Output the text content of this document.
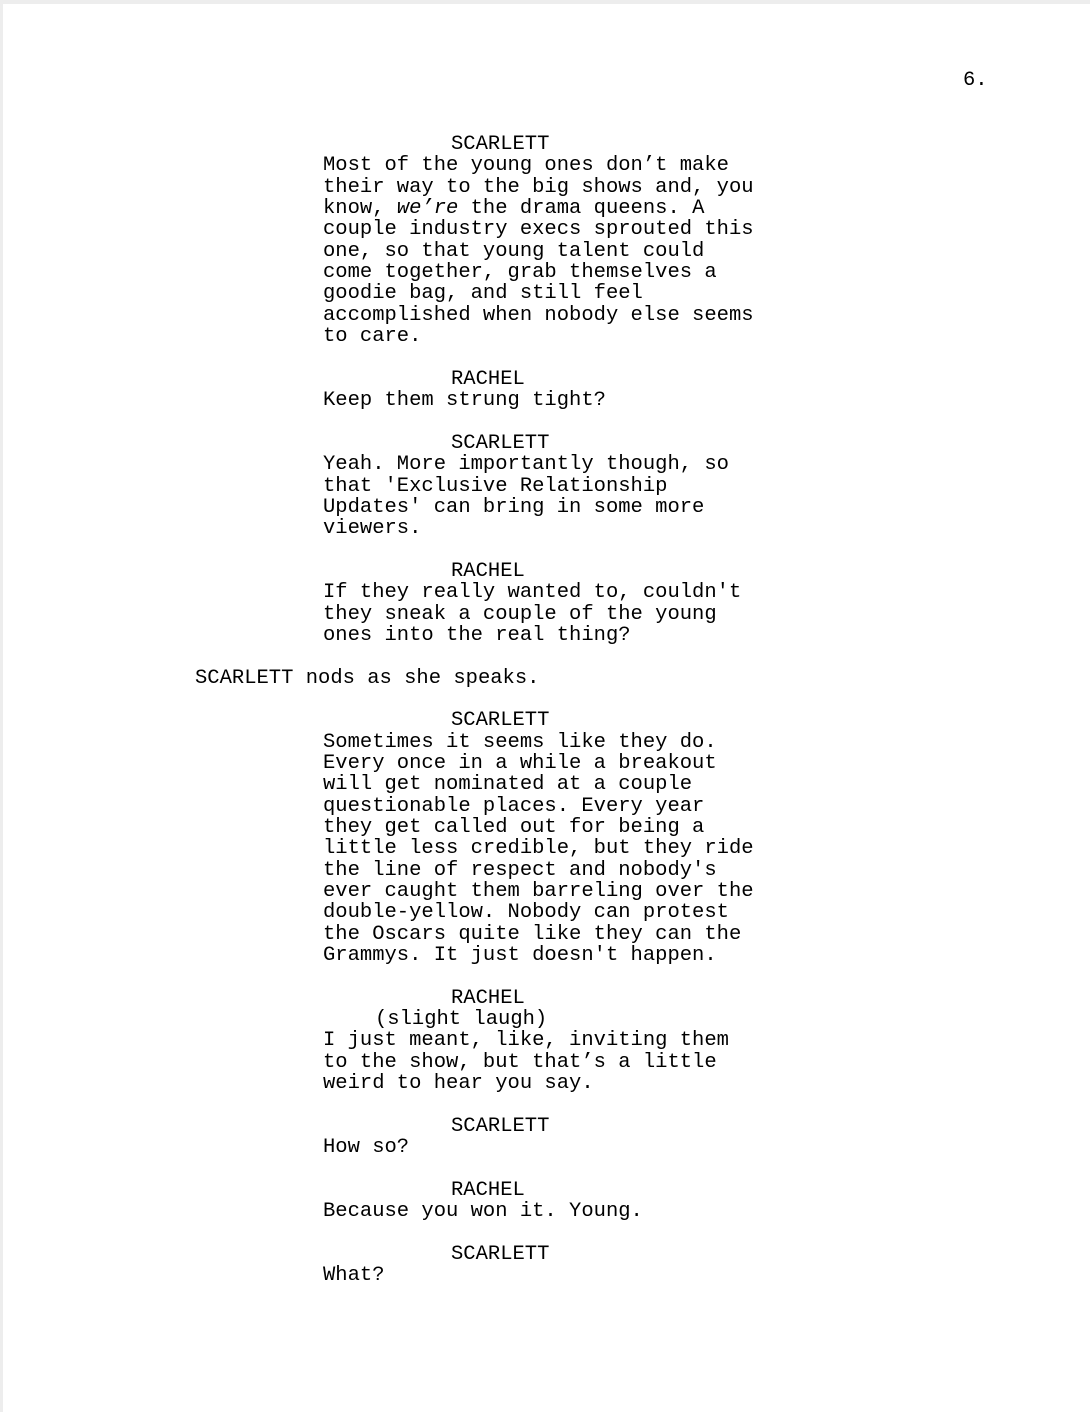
6.
SCARLETT
Most of the young ones don’t make
their way to the big shows and, you
know, we’re the drama queens. A
couple industry execs sprouted this
one, so that young talent could
come together, grab themselves a
goodie bag, and still feel
accomplished when nobody else seems
to care.
RACHEL
Keep them strung tight?
SCARLETT
Yeah. More importantly though, so
that 'Exclusive Relationship
Updates' can bring in some more
viewers.
RACHEL
If they really wanted to, couldn't
they sneak a couple of the young
ones into the real thing?
SCARLETT nods as she speaks.
SCARLETT
Sometimes it seems like they do.
Every once in a while a breakout
will get nominated at a couple
questionable places. Every year
they get called out for being a
little less credible, but they ride
the line of respect and nobody's
ever caught them barreling over the
double-yellow. Nobody can protest
the Oscars quite like they can the
Grammys. It just doesn't happen.
RACHEL
(slight laugh)
I just meant, like, inviting them
to the show, but that’s a little
weird to hear you say.
SCARLETT
How so?
RACHEL
Because you won it. Young.
SCARLETT
What?
